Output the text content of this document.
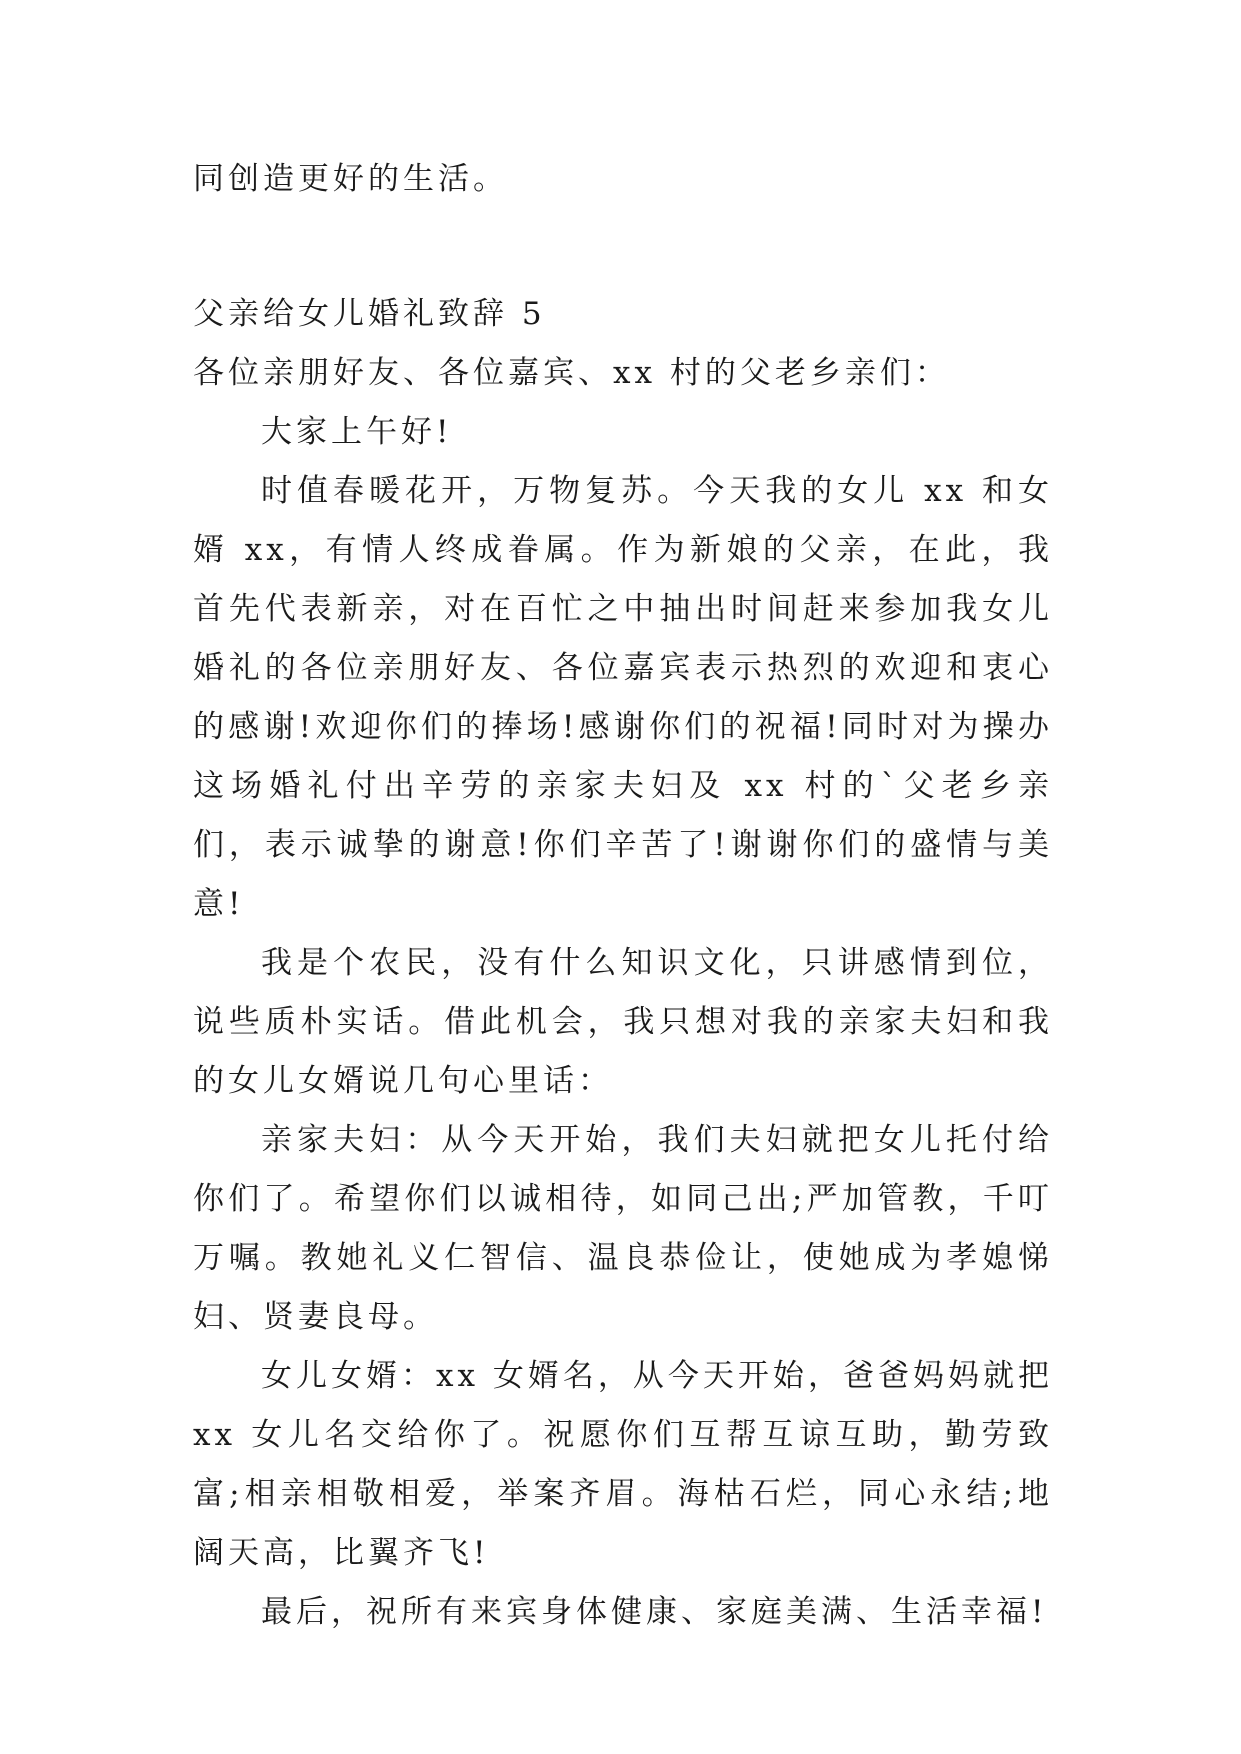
同创造更好的生活。
父亲给女儿婚礼致辞 5
各位亲朋好友、各位嘉宾、xx 村的父老乡亲们：

大家上午好!

时值春暖花开，万物复苏。今天我的女儿 xx 和女婿 xx，有情人终成眷属。作为新娘的父亲，在此，我首先代表新亲，对在百忙之中抽出时间赶来参加我女儿婚礼的各位亲朋好友、各位嘉宾表示热烈的欢迎和衷心的感谢!欢迎你们的捧场!感谢你们的祝福!同时对为操办这场婚礼付出辛劳的亲家夫妇及 xx 村的`父老乡亲们，表示诚挚的谢意!你们辛苦了!谢谢你们的盛情与美意!

我是个农民，没有什么知识文化，只讲感情到位，说些质朴实话。借此机会，我只想对我的亲家夫妇和我的女儿女婿说几句心里话：

亲家夫妇：从今天开始，我们夫妇就把女儿托付给你们了。希望你们以诚相待，如同己出;严加管教，千叮万嘱。教她礼义仁智信、温良恭俭让，使她成为孝媳悌妇、贤妻良母。

女儿女婿：xx 女婿名，从今天开始，爸爸妈妈就把 xx 女儿名交给你了。祝愿你们互帮互谅互助，勤劳致富;相亲相敬相爱，举案齐眉。海枯石烂，同心永结;地阔天高，比翼齐飞!

最后，祝所有来宾身体健康、家庭美满、生活幸福!
